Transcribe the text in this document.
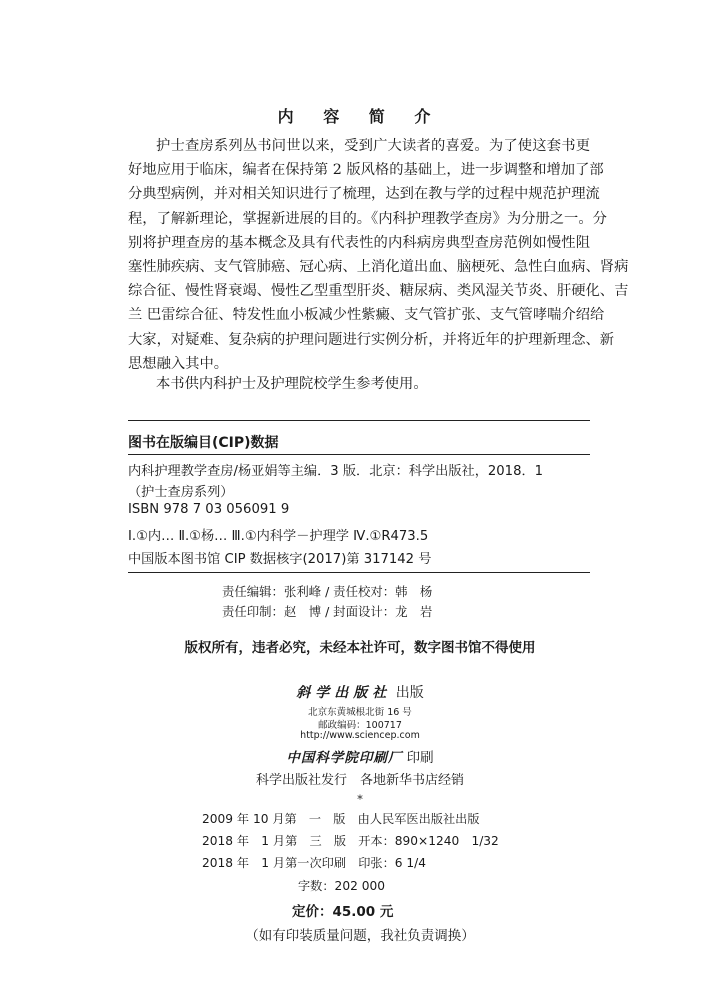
内 容 简 介
护士查房系列丛书问世以来，受到广大读者的喜爱。为了使这套书更
好地应用于临床，编者在保持第 2 版风格的基础上，进一步调整和增加了部
分典型病例，并对相关知识进行了梳理，达到在教与学的过程中规范护理流
程，了解新理论，掌握新进展的目的。《内科护理教学查房》为分册之一。分
别将护理查房的基本概念及具有代表性的内科病房典型查房范例如慢性阻
塞性肺疾病、支气管肺癌、冠心病、上消化道出血、脑梗死、急性白血病、肾病
综合征、慢性肾衰竭、慢性乙型重型肝炎、糖尿病、类风湿关节炎、肝硬化、吉
兰 巴雷综合征、特发性血小板减少性紫癜、支气管扩张、支气管哮喘介绍给
大家，对疑难、复杂病的护理问题进行实例分析，并将近年的护理新理念、新
思想融入其中。
本书供内科护士及护理院校学生参考使用。
图书在版编目(CIP)数据
内科护理教学查房/杨亚娟等主编．3 版．北京：科学出版社，2018．1
（护士查房系列）
ISBN 978 7 03 056091 9
Ⅰ.①内… Ⅱ.①杨… Ⅲ.①内科学－护理学 Ⅳ.①R473.5
中国版本图书馆 CIP 数据核字(2017)第 317142 号
责任编辑：张利峰 / 责任校对：韩　杨
责任印制：赵　博 / 封面设计：龙　岩
版权所有，违者必究，未经本社许可，数字图书馆不得使用
斜学出版社 出版
北京东黄城根北街 16 号
邮政编码：100717
http://www.sciencep.com
中国科学院印刷厂 印刷
科学出版社发行　各地新华书店经销
*
2009 年 10 月第　一　版　由人民军医出版社出版
2018 年　1 月第　三　版　开本：890×1240　1/32
2018 年　1 月第一次印刷　印张：6 1/4
字数：202 000
定价：45.00 元
（如有印装质量问题，我社负责调换）
